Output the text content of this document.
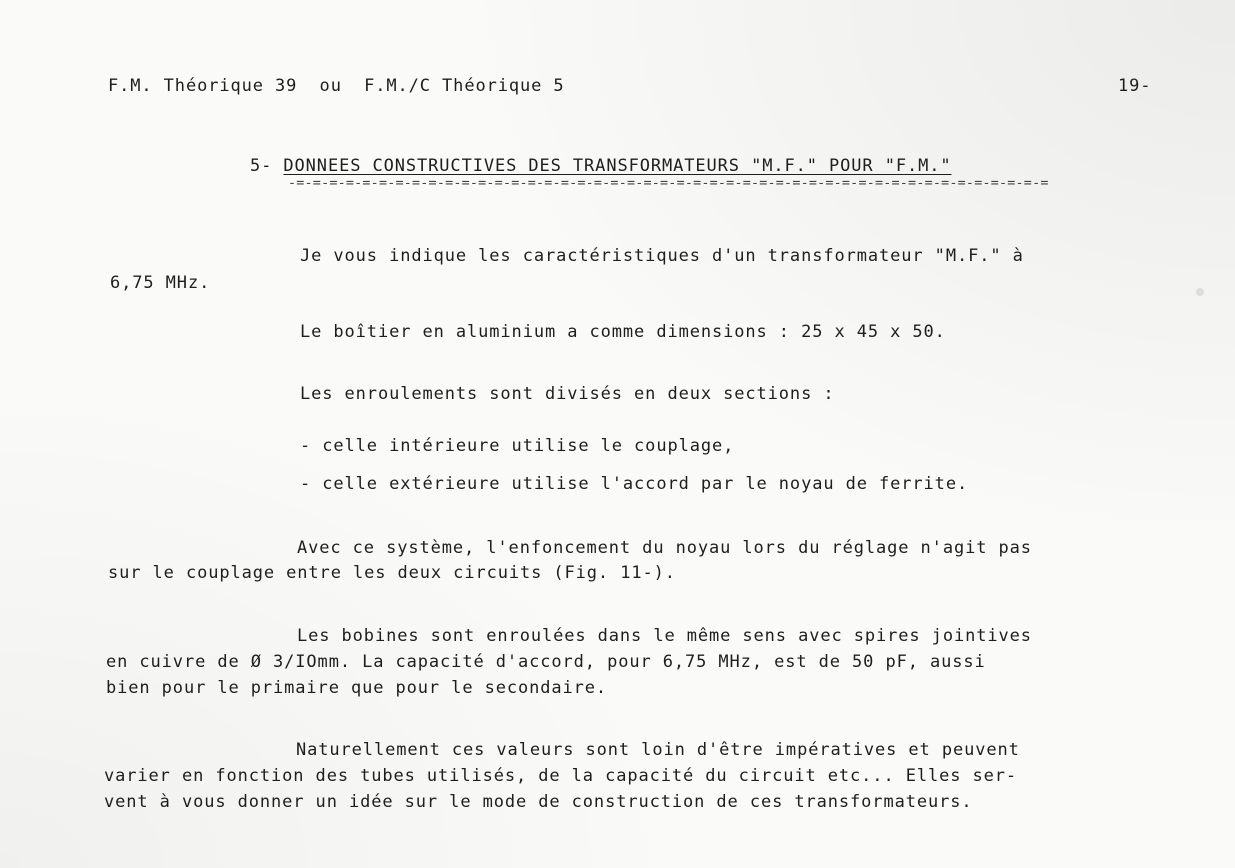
F.M. Théorique 39  ou  F.M./C Théorique 5	19-
5- DONNEES CONSTRUCTIVES DES TRANSFORMATEURS "M.F." POUR "F.M."
-=-=-=-=-=-=-=-=-=-=-=-=-=-=-=-=-=-=-=-=-=-=-=-=-=-=-=-=-=-=-=-=-=-=-=-=-=-=-=-=-=-=-=-=-=-=
Je vous indique les caractéristiques d'un transformateur "M.F." à
6,75 MHz.
Le boîtier en aluminium a comme dimensions : 25 x 45 x 50.
Les enroulements sont divisés en deux sections :
- celle intérieure utilise le couplage,
- celle extérieure utilise l'accord par le noyau de ferrite.
Avec ce système, l'enfoncement du noyau lors du réglage n'agit pas
sur le couplage entre les deux circuits (Fig. 11-).
Les bobines sont enroulées dans le même sens avec spires jointives
en cuivre de Ø 3/IOmm. La capacité d'accord, pour 6,75 MHz, est de 50 pF, aussi
bien pour le primaire que pour le secondaire.
Naturellement ces valeurs sont loin d'être impératives et peuvent
varier en fonction des tubes utilisés, de la capacité du circuit etc... Elles ser-
vent à vous donner un idée sur le mode de construction de ces transformateurs.
